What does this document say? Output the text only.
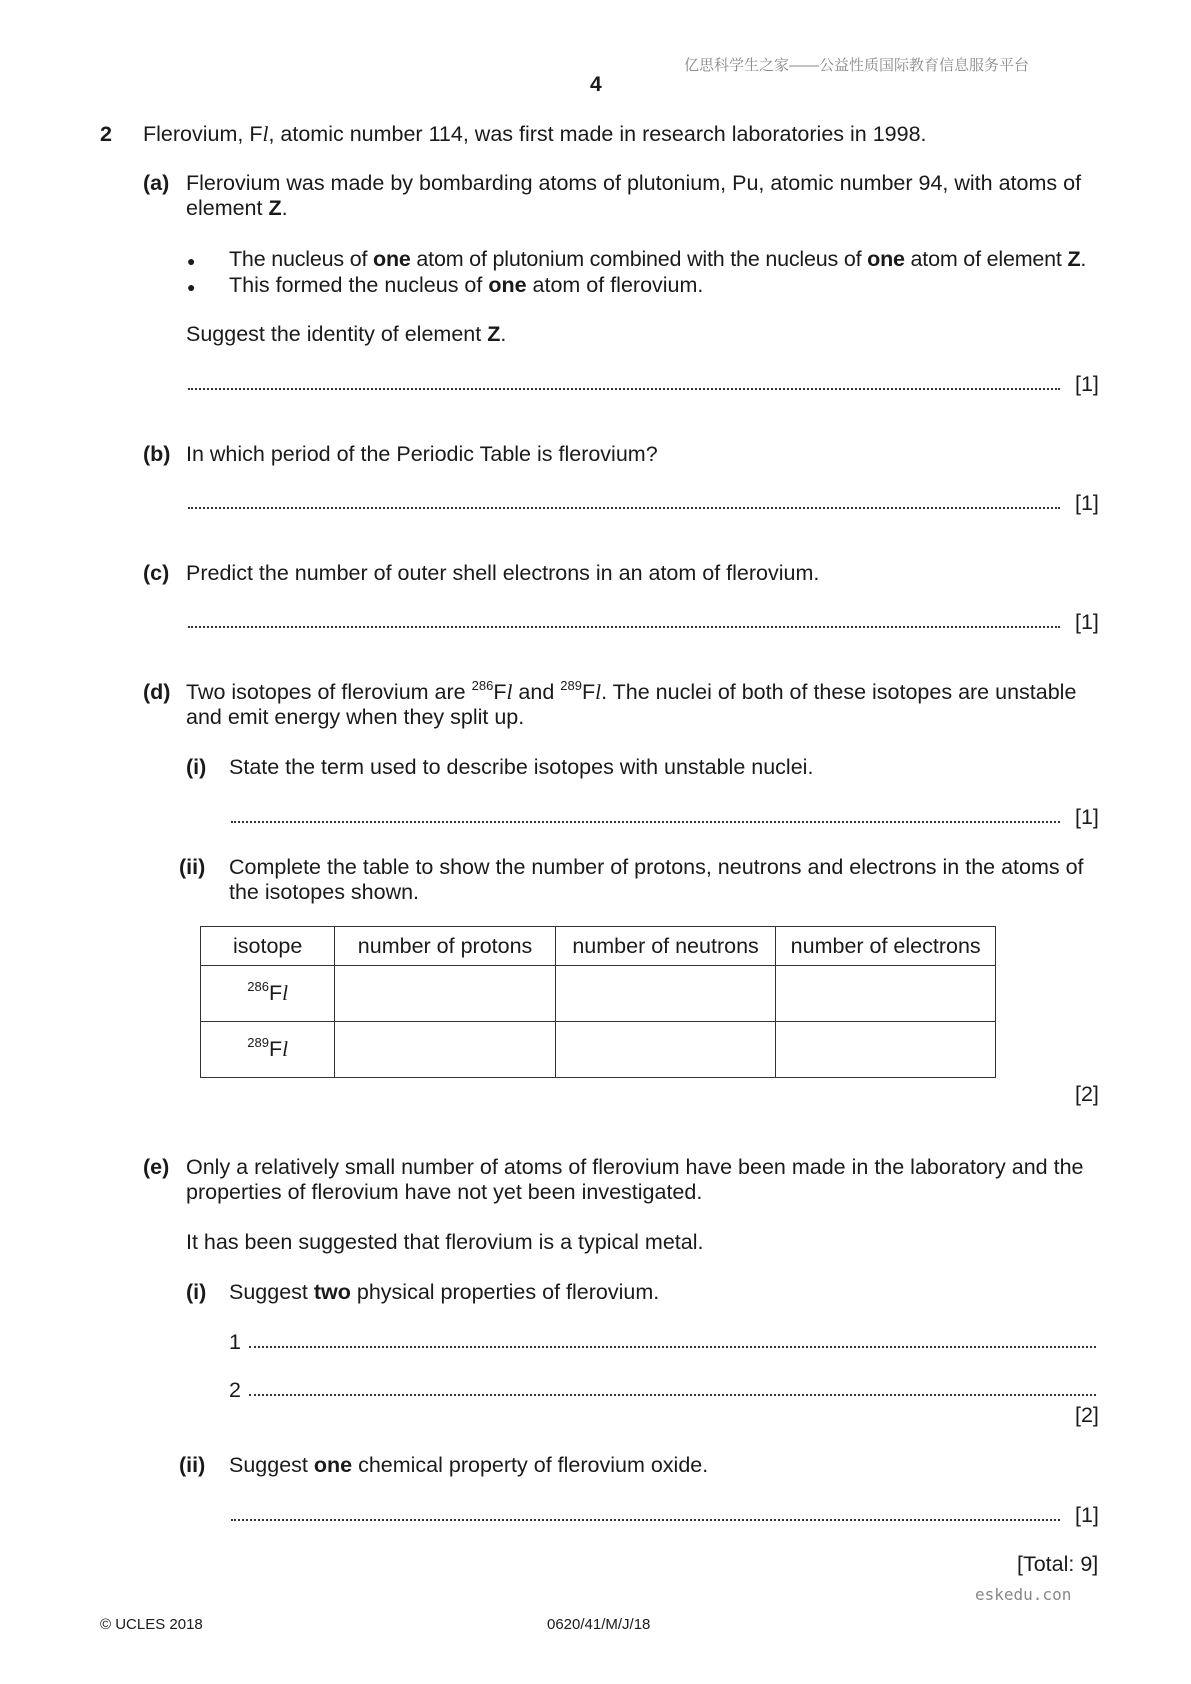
亿思科学生之家——公益性质国际教育信息服务平台
4
2 Flerovium, Fl, atomic number 114, was first made in research laboratories in 1998.
(a) Flerovium was made by bombarding atoms of plutonium, Pu, atomic number 94, with atoms of
element Z.
● The nucleus of one atom of plutonium combined with the nucleus of one atom of element Z.
● This formed the nucleus of one atom of flerovium.
Suggest the identity of element Z.
[1]
(b) In which period of the Periodic Table is flerovium?
[1]
(c) Predict the number of outer shell electrons in an atom of flerovium.
[1]
(d) Two isotopes of flerovium are $^{286}$Fl and $^{289}$Fl. The nuclei of both of these isotopes are unstable
and emit energy when they split up.
(i) State the term used to describe isotopes with unstable nuclei.
[1]
(ii) Complete the table to show the number of protons, neutrons and electrons in the atoms of
the isotopes shown.
isotope	number of protons	number of neutrons	number of electrons
$^{286}$Fl			
$^{289}$Fl			
[2]
(e) Only a relatively small number of atoms of flerovium have been made in the laboratory and the
properties of flerovium have not yet been investigated.
It has been suggested that flerovium is a typical metal.
(i) Suggest two physical properties of flerovium.
1
2
[2]
(ii) Suggest one chemical property of flerovium oxide.
[1]
[Total: 9]
eskedu.con
© UCLES 2018	0620/41/M/J/18
